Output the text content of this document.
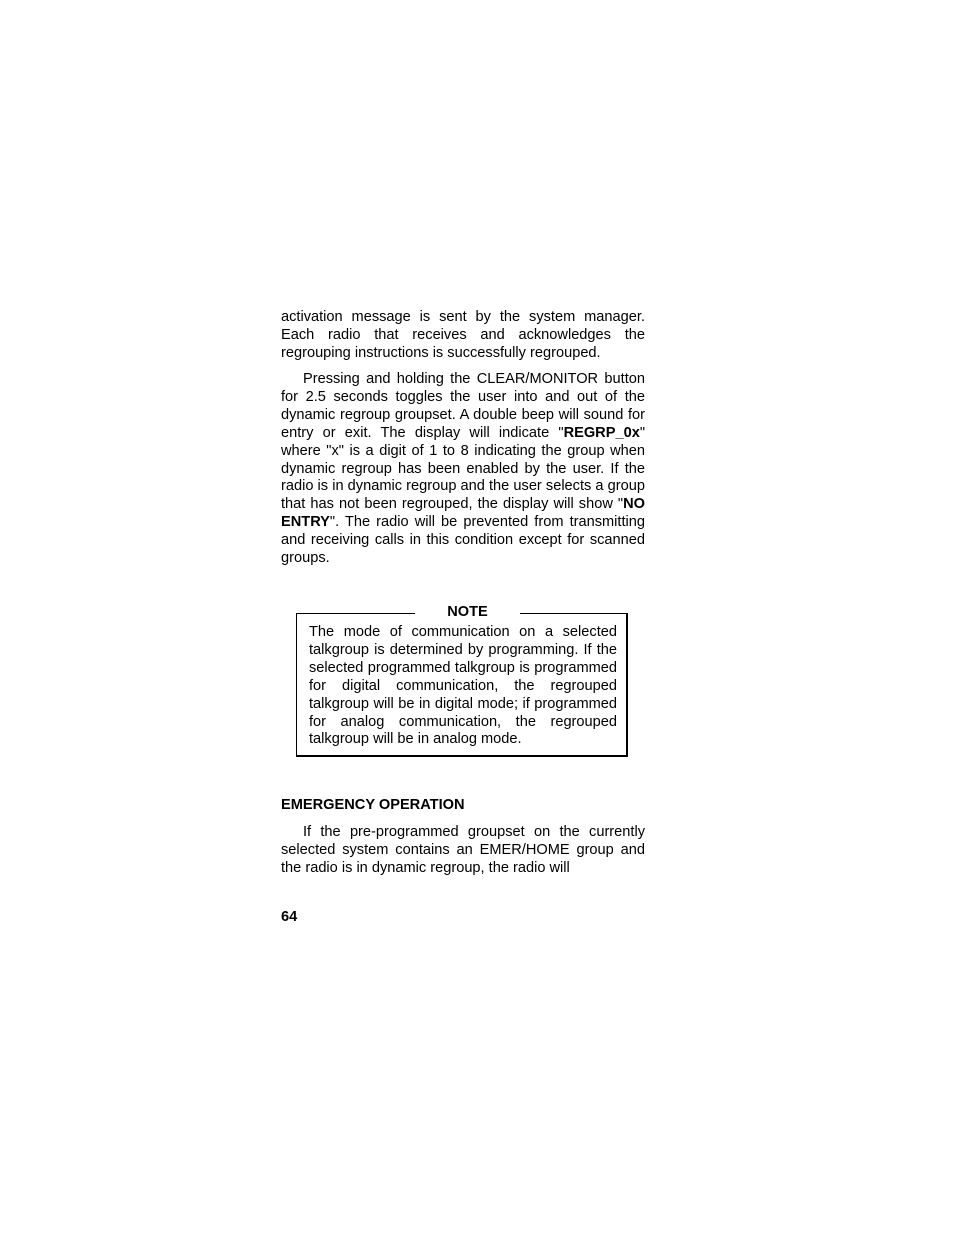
activation message is sent by the system manager. Each radio that receives and acknowledges the regrouping instructions is successfully regrouped.

Pressing and holding the CLEAR/MONITOR button for 2.5 seconds toggles the user into and out of the dynamic regroup groupset. A double beep will sound for entry or exit. The display will indicate "REGRP_0x" where "x" is a digit of 1 to 8 indicating the group when dynamic regroup has been enabled by the user. If the radio is in dynamic regroup and the user selects a group that has not been regrouped, the display will show "NO ENTRY". The radio will be prevented from transmitting and receiving calls in this condition except for scanned groups.

NOTE

The mode of communication on a selected talkgroup is determined by programming. If the selected programmed talkgroup is programmed for digital communication, the regrouped talkgroup will be in digital mode; if programmed for analog communication, the regrouped talkgroup will be in analog mode.

EMERGENCY OPERATION

If the pre-programmed groupset on the currently selected system contains an EMER/HOME group and the radio is in dynamic regroup, the radio will

64
